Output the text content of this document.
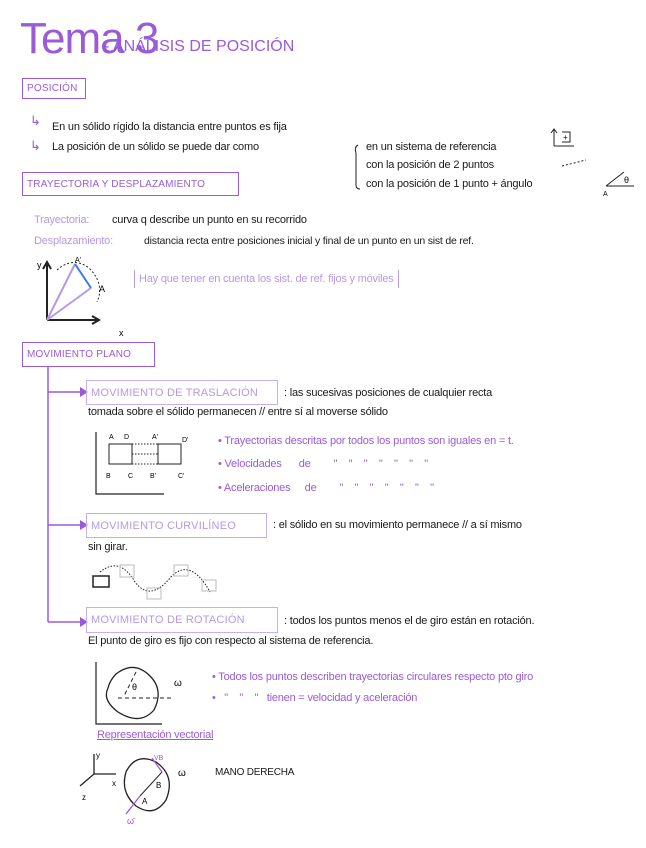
Tema 3
- ANÁLISIS DE POSICIÓN
POSICIÓN
↳ En un sólido rígido la distancia entre puntos es fija
↳ La posición de un sólido se puede dar como	en un sistema de referencia
con la posición de 2 puntos
con la posición de 1 punto + ángulo
+
θ
A
TRAYECTORIA Y DESPLAZAMIENTO
Trayectoria: curva q describe un punto en su recorrido
Desplazamiento:	distancia recta entre posiciones inicial y final de un punto en un sist de ref.
y
x
A'
A
Hay que tener en cuenta los sist. de ref. fijos y móviles
MOVIMIENTO PLANO
MOVIMIENTO DE TRASLACIÓN	: las sucesivas posiciones de cualquier recta
tomada sobre el sólido permanecen // entre sí al moverse sólido
A D	A'	D'
B C B'	C'
• Trayectorias descritas por todos los puntos son iguales en = t.
• Velocidades      de        "    "    "    "    "    "    "
• Aceleraciones     de        "    "    "    "    "    "    "
MOVIMIENTO CURVILÍNEO	: el sólido en su movimiento permanece // a sí mismo
sin girar.
MOVIMIENTO DE ROTACIÓN	: todos los puntos menos el de giro están en rotación.
El punto de giro es fijo con respecto al sistema de referencia.
θ	ω
• Todos los puntos describen trayectorias circulares respecto pto giro
•   "    "    "   tienen = velocidad y aceleración
Representación vectorial
y
x
z	A
B
VB
ω
ω̄
MANO DERECHA
